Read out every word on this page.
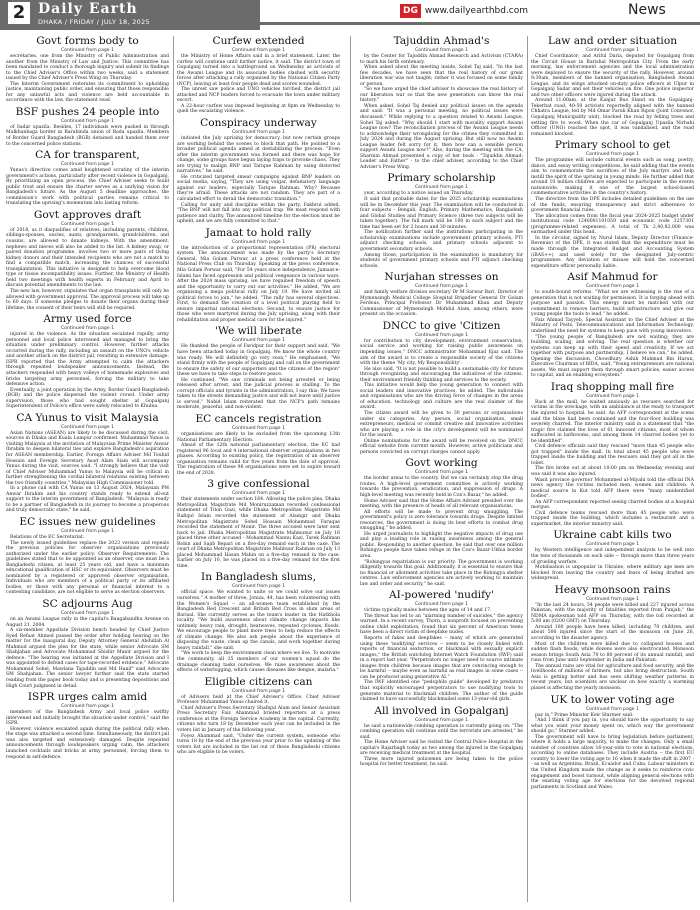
2 Daily Earth
DHAKA / FRIDAY / JULY 18, 2025
DG www.dailyearthbd.com	News
Govt forms body to
Continued from page 1

secretaries, one from the Ministry of Public Administration and another from the Ministry of Law and Justice. This committee has been mandated to conduct a thorough inquiry and submit its findings to the Chief Adviser's Office within two weeks, said a statement issued by the Chief Adviser's Press Wing on Thursday.

The Interim Government reiterates its commitment to upholding justice, maintaining public order, and ensuring that those responsible for any unlawful acts and violence are held accountable in accordance with the law, the statement read.

BSF pushes 24 people into
Continued from page 1

of Sadar upazila. Besides, 17 individuals were pushed in through Malkhanbaga border in Barabinda union of Boda upazila. Members of Border Guard Bangladesh (BGB) detained and handed them over to the concerned police stations.

CA for transparent,
Continued from page 1

Yunus's directive comes amid heightened scrutiny of the interim government's actions, particularly after recent violence in Gopalganj. By prioritizing an open process, the Chief Adviser seeks to build public trust and ensure the charter serves as a unifying vision for Bangladesh's future. As the August 5 deadline approaches, the commission's work with political parties remains critical to translating the uprising's momentum into lasting reform.

Govt approves draft
Continued from page 1

of 2018, as it disqualifies of relatives, including parents, children, siblings-spouses, uncles, aunts, grandparents, grandchildren, and cousins, are allowed to donate kidneys. With the amendment, nephews and nieces will also be added to the list. A kidney swap, or paired donation programme, involves two or more pairs of living kidney donors and their intended recipients who are not a match to find a compatible match, increasing the chances of successful transplantation. This initiative is designed to help overcome blood type or tissue incompatibility issues. Further, the Ministry of Health held two meetings with health experts in February and April to discuss potential amendments to the law.

The new law, however, stipulates that organ transplants will only be allowed with government approval. The approval process will take up to 60 days. If someone pledges to donate their organs during their lifetime, the consent of their heirs will still be required.

Army used force
Continued from page 1

injured in the violence. As the situation escalated rapidly, army personnel and local police intervened and managed to bring the situation under preliminary control. However, further attacks occurred during the rally, including an assault on the UNO's vehicle and another attack on the district jail, resulting in extensive damage. ISPR reported that the Army attempted to calm the attackers through repeated loudspeaker announcements. Instead, the attackers responded with heavy volleys of homemade explosives and bricks targeting army personnel, forcing the military to take defensive action.

Eventually, a joint operation by the Army, Border Guard Bangladesh (BGB) and the police dispersed the violent crowd. Under army supervision, those who had sought shelter at Gopalganj Superintendent of Police's office were safely relocated to Khulna.

CA Yunus to visit Malaysia
Continued from page 1

Asian Nations (ASEAN) are likely to be discussed during the visit, sources in Dhaka and Kuala Lumpur confirmed. Muhammad Yunus is visiting Malaysia at the invitation of Malaysian Prime Minister Anwar Ibrahim to deepen bilateral ties and explore Bangladesh's aspiration for ASEAN membership. Earlier, Foreign Affairs Adviser Md Touhid Hossain and Foreign Secretary Asad Alam Siam will accompany Yunus during the visit, sources said. "I strongly believe that the visit of Chief Adviser Muhammad Yunus to Malaysia will be critical in further strengthening the cordial bilateral relations existing between the two friendly countries," Malaysian High Commissioner told.

In a phone call with CA Yunus on 13 August 2024, Malaysian PM Anwar Ibrahim and his country stands ready to extend all-out support to the interim government of Bangladesh. "Malaysia is ready to be a partner of Bangladesh in its journey to become a prosperous and truly democratic state," he said.

EC issues new guidelines
Continued from page 1

Relations of the EC Secretariat.

The newly issued guidelines replace the 2023 version and repeals the previous policies for observer organisations previously authorized under the earlier policy. Observer Requirements: The guidelines stated that to be appointed as an observer, one must be a Bangladeshi citizen, at least 25 years old, and have a minimum educational qualification of HSC or its equivalent. Observers must be nominated by a registered or approved observer organisation. Individuals who are members of a political party or its affiliated bodies, or those with any personal or financial interest to a contesting candidate, are not eligible to serve as election observers.

SC adjourns Aug
Continued from page 1

on an Awami League rally in the capital's Bangabandhu Avenue on August 21, 2004.

A six-member Appellate Division bench headed by Chief Justice Syed Refaat Ahmed passed the order after holding hearing on the matter for the inaugural day. Deputy Attorney General Abdullah Al Mahmud argued the plea for the state, while senior Advocate SM Shahjahan and Advocate Mohammad Shishir Manir argued for the defence. "The hearing was initiated at the Appellate Division and I was appointed to defend cases for tape-recorded evidence," Advocate Mohammad Sohel, Mawlana Tajuddin and Md Hanif" said Advocate SM Shahjahan. The senior lawyer further said the state started reading from the paper book today and is presenting depositions and High Court judgment in detail.

ISPR urges calm amid
Continued from page 1

members of the Bangladesh Army and local police swiftly intervened and initially brought the situation under control," said the ISPR.

However, violence escalated again during the political rally when the stage was attacked a second time. Simultaneously, the district jail was also targeted and extensively damaged. Despite repeated announcements through loudspeakers urging calm, the attackers launched cocktails and bricks at army personnel, forcing them to respond in self-defence.

Curfew extended
Continued from page 1

the Ministry of Home Affairs said in a brief statement. Later, the curfew will continue until further notice, it said. The district town of Gopalganj turned into a battleground on Wednesday as activists of the Awami League and its associate bodies clashed with security forces after attacking a rally organised by the National Citizen Party (NCP), leaving at least four people dead and scores wounded.

The unrest saw police and UNO vehicles torched, the district jail attacked and NCP leaders forced to evacuate the town under military escort.

A 22-hour curfew was imposed beginning at 8pm on Wednesday to quell the escalating violence.

Conspiracy underway
Continued from page 1

initiated the July uprising for democracy, but now certain groups are working behind the scenes to block that path. He pointed to a broader political agenda aimed at destabilizing the process. "Even after the interim government was formed and there was hope for change, some groups have begun laying traps to provoke chaos. They are trying to malign BNP and Tarique Rahman by using distorted narratives," he said.

He criticized targeted smear campaigns against BNP leaders on social media, saying, "They are using vulgar, defamatory language against our leaders, especially Tarique Rahman. Why? Because they're afraid. These attacks are not random. They are part of a calculated effort to derail the democratic transition."

Calling for unity and discipline within the party, Fakhrul added, "The BNP will not fall into any political trap. We must respond with patience and clarity. The announced timeline for the election must be upheld, and we are fully committed to that."

Jamaat to hold rally
Continued from page 1

the introduction of a proportional representation (PR) electoral system. The announcement was made by the party's Secretary General, Mia Golam Parwar, at a press conference held at the National Press Club on Thursday. Speaking at the press conference, Mia Golam Porwar said, "For 54 years since independence, Jamaat-e-Islami has faced oppression and political vengeance in various ways. After the 2024 mass uprising, we have regained freedom of speech and the opportunity to carry out our activities." He added, "We are organising a mega political rally on July 19. We have invited all political forces to join," he added. "The rally has several objectives. First, to demand the creation of a level political playing field to ensure impartial national elections. Second, to ensure justice for those who were martyred during the July uprising, along with their rehabilitation and proper medical care for the injured."

'We will liberate
Continued from page 1

He thanked the people of Faridpur for their support and said, "We have been attacked today in Gopalganj. We know the whole country was ready. We will definitely go very soon," He emphasised, "We stand firmly with the people of Gopalganj and call on the government to ensure the safety of our supporters and the citizens of the region" these we have to take steps to restore peace.

He continued, "We saw criminals not being arrested or being released after arrest, and the judicial process is stalling. To the corrupt officials and tyrants in the administration, I say this: We have taken to the streets demanding justice and will not leave until justice is served." Nahid Islam reiterated that the NCP's path remains moderate, peaceful, and non-violent.

EC cancels registration
Continued from page 1

organisations are likely to be excluded from the upcoming 13th National Parliamentary Election.

Ahead of the 12th national parliamentary election, the EC had registered 96 local and 4 international observer organisations in two phases. According to existing policy, the registration of an observer organisation remains valid for five years from the date of approval. The registration of these 96 organisations were set to expire toward the end of 2028.

3 give confessional
Continued from page 1

their statements under section 164. Allowing the police plea, Dhaka Metropolitan Magistrate Md Moniruzzaman recorded confessional statement of Titon Gazi, while Dhaka Metropolitan Magistrate Md Rafiqul Islam recorded the statement of Alamgir and Dhaka Metropolitan Magistrate Sohel Hossain Mohammad Faruque recorded the statement of Monir. The three accused were later sent back to jail. Dhaka Metropolitan Magistrate Mahmunur on July 16 placed three other accused - Mohammad Nannu Kazi, Tarek Rahman Robin and Sajib Bepari on a five-day remand each in the case. The court of Dhaka Metropolitan Magistrate Mahbuur Rahman on July 13 placed Mohammad Hasan Mahin on a five-day remand in the case. Earlier on July 10, he was placed on a five-day remand for the first time.

In Bangladesh slums,
Continued from page 1

official space. We wanted to unite so we could solve our issues ourselves." A mother of three, Joniza, 44, has been volunteering with the Women's Squad -- an all-women team established by the Bangladesh Red Crescent and British Red Cross in slum areas of Barisal. She currently serves as the team's leader in the Hatkhola locality. "We build awareness about climate change impacts like untimely heavy rain, drought, heatwaves, repeated cyclones, floods. We encourage people to plant more trees to help reduce the effects of climate change. We also ask people about the experience of disposing the waste, clean up the canals, and work together during heavy rainfall," she said.

"We work to keep the environment clean where we live. To motivate the community, all 25 members of our women's squad do the drainage cleaning tasks ourselves. We raise awareness about the effects of waterlogging, which causes diseases like dengue, malaria."

Eligible citizens can
Continued from page 1

of Advisers held at the Chief Adviser's Office. Chief Adviser Professor Muhammad Yunus chaired it.

Chief Adviser's Press Secretary Shafiqul Alam and Senior Assistant Press Secretary Faiz Ahammad briefed reporters at a press conference at the Foreign Service Academy in the capital. Currently, citizens who turn 18 by December each year can be included in the voters list in January of the following year.

Foyez Ahammad said, "Under the current system, someone who turns 18 by the end of the previous year prior to the updating of the voters list are included in the list out of those Bangladeshi citizens who are eligible to be voters.

Tajuddin Ahmad's
Continued from page 1

by the Center for Tajuddin Ahmad Research and Activism (CTARA) to mark his birth centenary.

When asked about the meeting inside, Sohel Taj said, "In the last few decades, we have seen that the real history of our great liberation war was not taught; rather it was focused on some family or person.

"So we have urged the chief adviser to showcase the real history of our liberation war so that the new generation can know the real history."

When asked, Sohel Taj denied any political issues on the agenda and said: "It was a personal meeting, no political issues were discussed." While replying to a question related to Awami League, Sohel Taj asked: "Why should I start with morality support Awami League now? The reconciliation process of the Awami League needs to acknowledge their wrongdoing for the crimes they committed in July 2024 and during the August uprising. But still now no Awami League leader felt sorry for it, then how can a sensible person support Awami League now?" Also, during the meeting with the CA, Sharmin Ahmad presented a copy of her book - "Tajuddin Ahmad: Leader and Father" - to the chief adviser, according to the Chief Adviser's Press Wing.

Primary scholarship
Continued from page 1

year, according to a notice issued on Thursday.

It said that probable dates for the 2025 scholarship examinations will be in December this year. The examination will be conducted in four subjects - Bengali, English, Primary Mathematics, Bangladesh and Global Studies and Primary Science (three two subjects will be taken together). The full mark will be 100 in each subject and the time has been set for 2 hours and 30 minutes.

The notification further said the institutions participating in the scholarship examinations include government primary schools, PTI adjunct checking schools, and primary schools adjacent to government secondary schools.

Among those, participation in the examination is mandatory for students of government primary schools and PTI adjunct checking schools.

Nurjahan stresses on
Continued from page 1

and family welfare division secretary Dr M Sarwar Bari, Director of Mymensingh Medical College Hospital Brigadier General Dr Golam Ferdous, Principal Professor Dr Muhammad Khan and Deputy Commissioner of Mymensingh Mofidul Alam, among others, were present on the occasion.

DNCC to give 'Citizen
Continued from page 1

for contribution to city development, environment conservation, social service and working for raising public awareness on impending issues," DNCC administrator Mohammad Ejaz said. The aim of the award is to create a responsible society of the citizens with the theme 'My city, My Responsibility'.

He also said, "It is not possible to build a sustainable city for future through recognizing and encouraging the initiatives of the citizens, their environment friendly thinking and services to the society.

This initiative would help the young generation to connect with social leaders and innovative practices, he added. The individuals and organisations who are the driving force of changes in the areas of education, technology and culture are the real claimer of the award.

The citizen award will be given to 30 persons or organisations under six categories. Any person, social organisation, small entrepreneurs, medical or commit creative and innovative activities who are playing a role in the city's development will be nominated for the award.

Online nominations for the award will be received on the DNCC official website from current month. However, active politicians and persons convicted on corrupt charges cannot apply.

Govt working
Continued from page 1

the border areas to the country. But we can certainly stop the drug routes. A high-level government committee is actively working towards the prevention, eradication, and suppression of drugs. A high-level meeting was recently held in Cox's Bazar," he added.

Home Adviser said that the Home Affairs Adviser presided over the meeting, with the presence of heads of all relevant organisations.

All efforts will be made to prevent drug smuggling. The government's policy is zero tolerance towards drugs. Despite limited resources, the government is doing its best efforts to combat drug smuggling," he added.

He urged journalists to highlight the negative impacts of drug use and play a leading role in raising awareness among the general public. Responding to another question, he said that over one million Rohingya people have taken refuge in the Cox's Bazar-Ukhia border area.

"Rohingyas repatriation is our priority. The government is working diligently towards this goal. Additionally, it is essential to ensure that no financial or allotment activities take place in the Rohingya shelter centres. Law enforcement agencies are actively working to maintain law and order and security," he said.

AI-powered 'nudify'
Continued from page 1

victims typically males between the ages of 14 and 17.

The threat has led to an "alarming number of suicides," the agency warned. In a recent survey, Thorn, a nonprofit focused on preventing online child exploitation, found that six percent of American teens have been a direct victim of deepfake nudes.

Reports of fakes and deepfakes -- many of which are generated using these 'nudifying' services -- seem to be closely linked with reports of financial sextortion, or blackmail with sexually explicit images," the British watchdog Internet Watch Foundation (IWF) said in a report last year. "Perpetrators no longer need to source intimate images from children because images that are convincing enough to be harmful -- maybe even as harmful as real images in some cases -- can be produced using generative AI."

The IWF identified one "pedophile guide" developed by predators that explicitly encouraged perpetrators to use nudifying tools to generate material to blackmail children. The author of the guide claimed to have successfully blackmailed some 13-year-old girls.

All involved in Gopalganj
Continued from page 1

he said a nationwide combing operation is currently going on. "The combing operation will continue until the terrorists are arrested," he said.

The Home Adviser said he visited the Central Police Hospital in the capital's Rajarbagh today as two among the injured in the Gopalganj are receiving medical treatment at the hospital.

Three more injured policemen are being taken to the police hospital for better treatment, he said.

Law and order situation
Continued from page 1

Chief Coordinator; and Ariful Daria, deputed for Gopalganj from the Circuit House in Barishal Metropolitan City. From the early morning, law enforcement agencies and the local administration were deployed to ensure the security of the rally. However, around 9:30am, members of the banned organisation, Bangladesh Awami League, and its wings attacked on-duty police officers at Ulpur in Gopalganj Sadar and set their vehicles on fire. One police inspector and two other officers were injured during the attack.

Around 11:00am, at the Kanjur Bus Stand on the Gopalganj-Tekerhat road, 40-50 activists reportedly aligned with the banned Chhatra League, led by Md Omar Faruk Khan Ripon (Joint Convenor, Gopalganj Municipality unit), blocked the road by felling trees and setting fire to wood. When the car of Gopalganj Upazila Nirbahi Officer (UNO) reached the spot, it was vandalised, and the road remained blocked.

Primary school to get
Continued from page 1

The programme will include cultural events such as song, poetry, dance, and essay writing competitions, he said adding that the events aim to commemorate the sacrifices of the July martyrs and help instill the spirit of the uprising in young minds. He further added that around 10 million children are expected to participate in the events nationwide, making it one of the largest school-based commemorative activities in the country's history.

The directive from the DPE includes detailed guidelines on the use of the funds, ensuring transparency and strict adherence to government financial rules.

The allocation comes from the fiscal year 2024-2025 budget under institutional code 1240001101059 and economic code 3257301 (programme-related expenses). A total of Tk 2,40,82,000 was earmarked under this head.

In the circular, signed by Nurul Islam, Deputy Director (Finance-Revenue) of the DPE, it was stated that the expenditure must be made through the Integrated Budget and Accounting System (iBAS++) and used solely for the designated July-centric programmes. Any deviation or misuse will hold the concerned expenditure officer personally liable.

Asif Mahmud for
Continued from page 1

to south-bound reforms. "What we are witnessing is the rise of a generation that is not waiting for permission. It is forging ahead with purpose and passion. This energy must be matched with our commitment to remove barriers, build infrastructure and give our young people the tools to lead," he added.

Faiz Ahmad Tayyeb, Special Assistant to the Chief Adviser at the Ministry of Posts, Telecommunications and Information Technology, underlined the need for systems to keep pace with young innovators.

"The young people of Bangladesh are not waiting; they are building, scaling, and solving. The real question is whether our systems can keep up with their speed and creativity. If we act together with purpose and partnership, I believe we can," he added. Opening the discussion, Chowdhury Ashik Mahmud Bin Harun, Executive Chairman of BIDA, said, "Young entrepreneurs are national assets. We must support them through smart policies, easier access to capital, and an enabling ecosystem."

Iraq shopping mall fire
Continued from page 1

Back at the mall, he waited anxiously as rescuers searched for victims in the wreckage, with an ambulance at the ready to transport the injured to hospital, he said. An AFP correspondent at the scene said the blaze had been contained and the four-floor building was severely charred. The interior ministry said in a statement that "the tragic fire claimed the lives of 61 innocent citizens, most of whom suffocated in bathrooms, and among them 14 charred bodies yet to be identified".

Civil defence officials said they rescued "more than 45 people who got trapped" inside the mall. In total about 45 people who were trapped inside the building and the rescuers said they got all in the toilet.

The fire broke out at about 10:00 pm on Wednesday evening and was said it was also injured.

Wasit province governor Mohammed al-Miyahi told the official INA news agency the victims included men, women and children. A medical source in Kut told AFP there were "many unidentified bodies".

An AFP correspondent reported seeing charred bodies at a hospital morgue.

Civil defence teams rescued more than 45 people who were trapped inside the building, which includes a restaurant and a supermarket, the interior ministry said.

Ukraine cabt kills two
Continued from page 1

by Western intelligence and independent analysts to be well into the tens of thousands on each side -- through more than three years of grueling warfare.

Mobilisation is unpopular in Ukraine, where military age men are blocked from leaving the country and fears of being drafted are widespread.

Heavy monsoon rains
Continued from page 1

"In the last 24 hours, 54 people were killed and 227 injured across Pakistan, with the majority of fatalities reported from Punjab," the NDMA spokesman told AFP on Thursday, with the toll recorded at 5:00 am (0200 GMT) on Thursday.

Around 180 people have been killed, including 70 children, and about 500 injured since the start of the monsoon on June 26, according to the disaster agency.

Most of the children were killed due to collapsed houses and sudden flash floods, while dozens were also electrocuted. Monsoon season brings South Asia 70 to 80 percent of its annual rainfall, and runs from June until September in India and Pakistan.

The annual rains are vital for agriculture and food security, and the livelihoods of millions of farmers, but also bring destruction. South Asia is getting hotter and has seen shifting weather patterns in recent years, but scientists are unclear on how exactly a warming planet is affecting the yearly monsoon.

UK to lower voting age
Continued from page 1

pay in," Prime Minister Keir Starmer said.

"And I think if you pay in, you should have the opportunity to say what you want your money spent on, which way the government should go," Starmer added.

The government will have to bring legislation before parliament, where it holds a large majority, to make the changes. Only a small number of countries allow 16-year-olds to vote in national elections, according to online databases. They include Austria -- the first EU country to lower the voting age to 16 when it made the shift in 2007 -- as well as Argentina, Brazil, Ecuador and Cuba. Labour ministers in the United Kingdom made the change as it seeks to reinforce civic engagement and boost turnout, while aligning general elections with the existing voting age for elections for the devolved regional parliaments in Scotland and Wales.
